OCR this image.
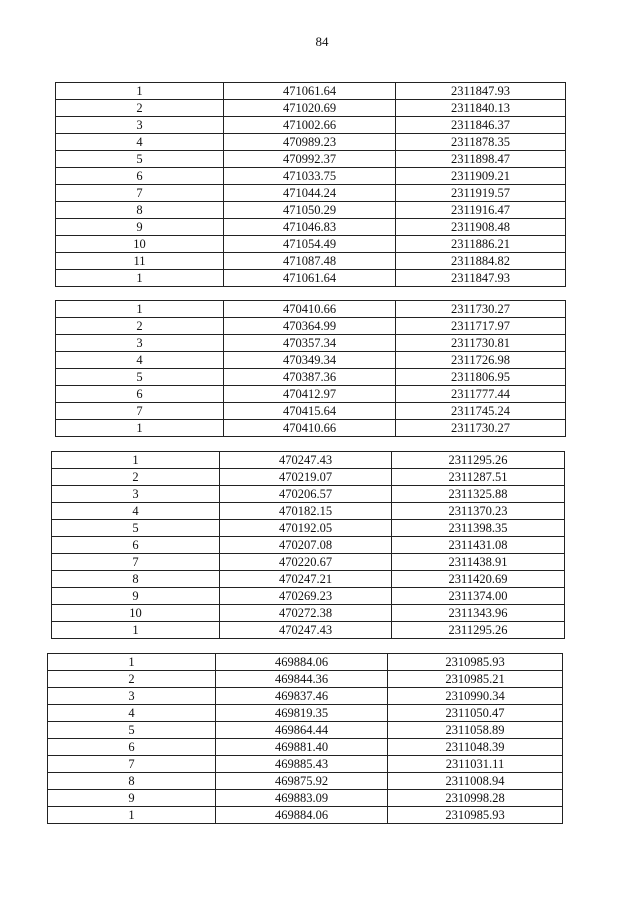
84
1	471061.64	2311847.93
2	471020.69	2311840.13
3	471002.66	2311846.37
4	470989.23	2311878.35
5	470992.37	2311898.47
6	471033.75	2311909.21
7	471044.24	2311919.57
8	471050.29	2311916.47
9	471046.83	2311908.48
10	471054.49	2311886.21
11	471087.48	2311884.82
1	471061.64	2311847.93
1	470410.66	2311730.27
2	470364.99	2311717.97
3	470357.34	2311730.81
4	470349.34	2311726.98
5	470387.36	2311806.95
6	470412.97	2311777.44
7	470415.64	2311745.24
1	470410.66	2311730.27
1	470247.43	2311295.26
2	470219.07	2311287.51
3	470206.57	2311325.88
4	470182.15	2311370.23
5	470192.05	2311398.35
6	470207.08	2311431.08
7	470220.67	2311438.91
8	470247.21	2311420.69
9	470269.23	2311374.00
10	470272.38	2311343.96
1	470247.43	2311295.26
1	469884.06	2310985.93
2	469844.36	2310985.21
3	469837.46	2310990.34
4	469819.35	2311050.47
5	469864.44	2311058.89
6	469881.40	2311048.39
7	469885.43	2311031.11
8	469875.92	2311008.94
9	469883.09	2310998.28
1	469884.06	2310985.93
